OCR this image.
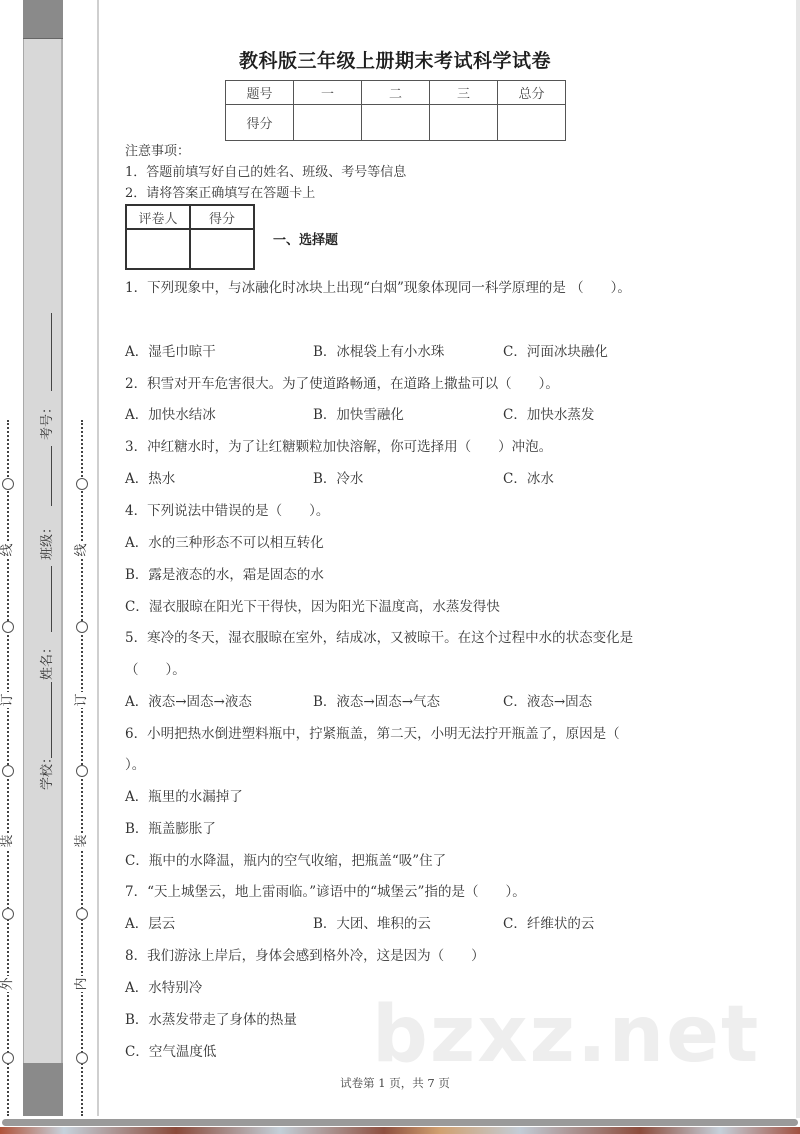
线
订
装
外
线
订
装
内
考号：
班级：
姓名：
学校：
教科版三年级上册期末考试科学试卷
题号	一	二	三	总分
得分				
注意事项：
1．答题前填写好自己的姓名、班级、考号等信息
2．请将答案正确填写在答题卡上
评卷人	得分

一、选择题
1．下列现象中，与冰融化时冰块上出现“白烟”现象体现同一科学原理的是 （　　）。
A．湿毛巾晾干	B．冰棍袋上有小水珠	C．河面冰块融化
2．积雪对开车危害很大。为了使道路畅通，在道路上撒盐可以（　　）。
A．加快水结冰	B．加快雪融化	C．加快水蒸发
3．冲红糖水时，为了让红糖颗粒加快溶解，你可选择用（　　）冲泡。
A．热水	B．冷水	C．冰水
4．下列说法中错误的是（　　）。
A．水的三种形态不可以相互转化
B．露是液态的水，霜是固态的水
C．湿衣服晾在阳光下干得快，因为阳光下温度高，水蒸发得快
5．寒冷的冬天，湿衣服晾在室外，结成冰，又被晾干。在这个过程中水的状态变化是
（　　）。
A．液态→固态→液态	B．液态→固态→气态	C．液态→固态
6．小明把热水倒进塑料瓶中，拧紧瓶盖，第二天，小明无法拧开瓶盖了，原因是（
）。
A．瓶里的水漏掉了
B．瓶盖膨胀了
C．瓶中的水降温，瓶内的空气收缩，把瓶盖“吸”住了
7．“天上城堡云，地上雷雨临。”谚语中的“城堡云”指的是（　　）。
A．层云	B．大团、堆积的云	C．纤维状的云
8．我们游泳上岸后，身体会感到格外冷，这是因为（　　）
A．水特别冷
B．水蒸发带走了身体的热量
C．空气温度低 bzxz.net
试卷第 1 页，共 7 页
